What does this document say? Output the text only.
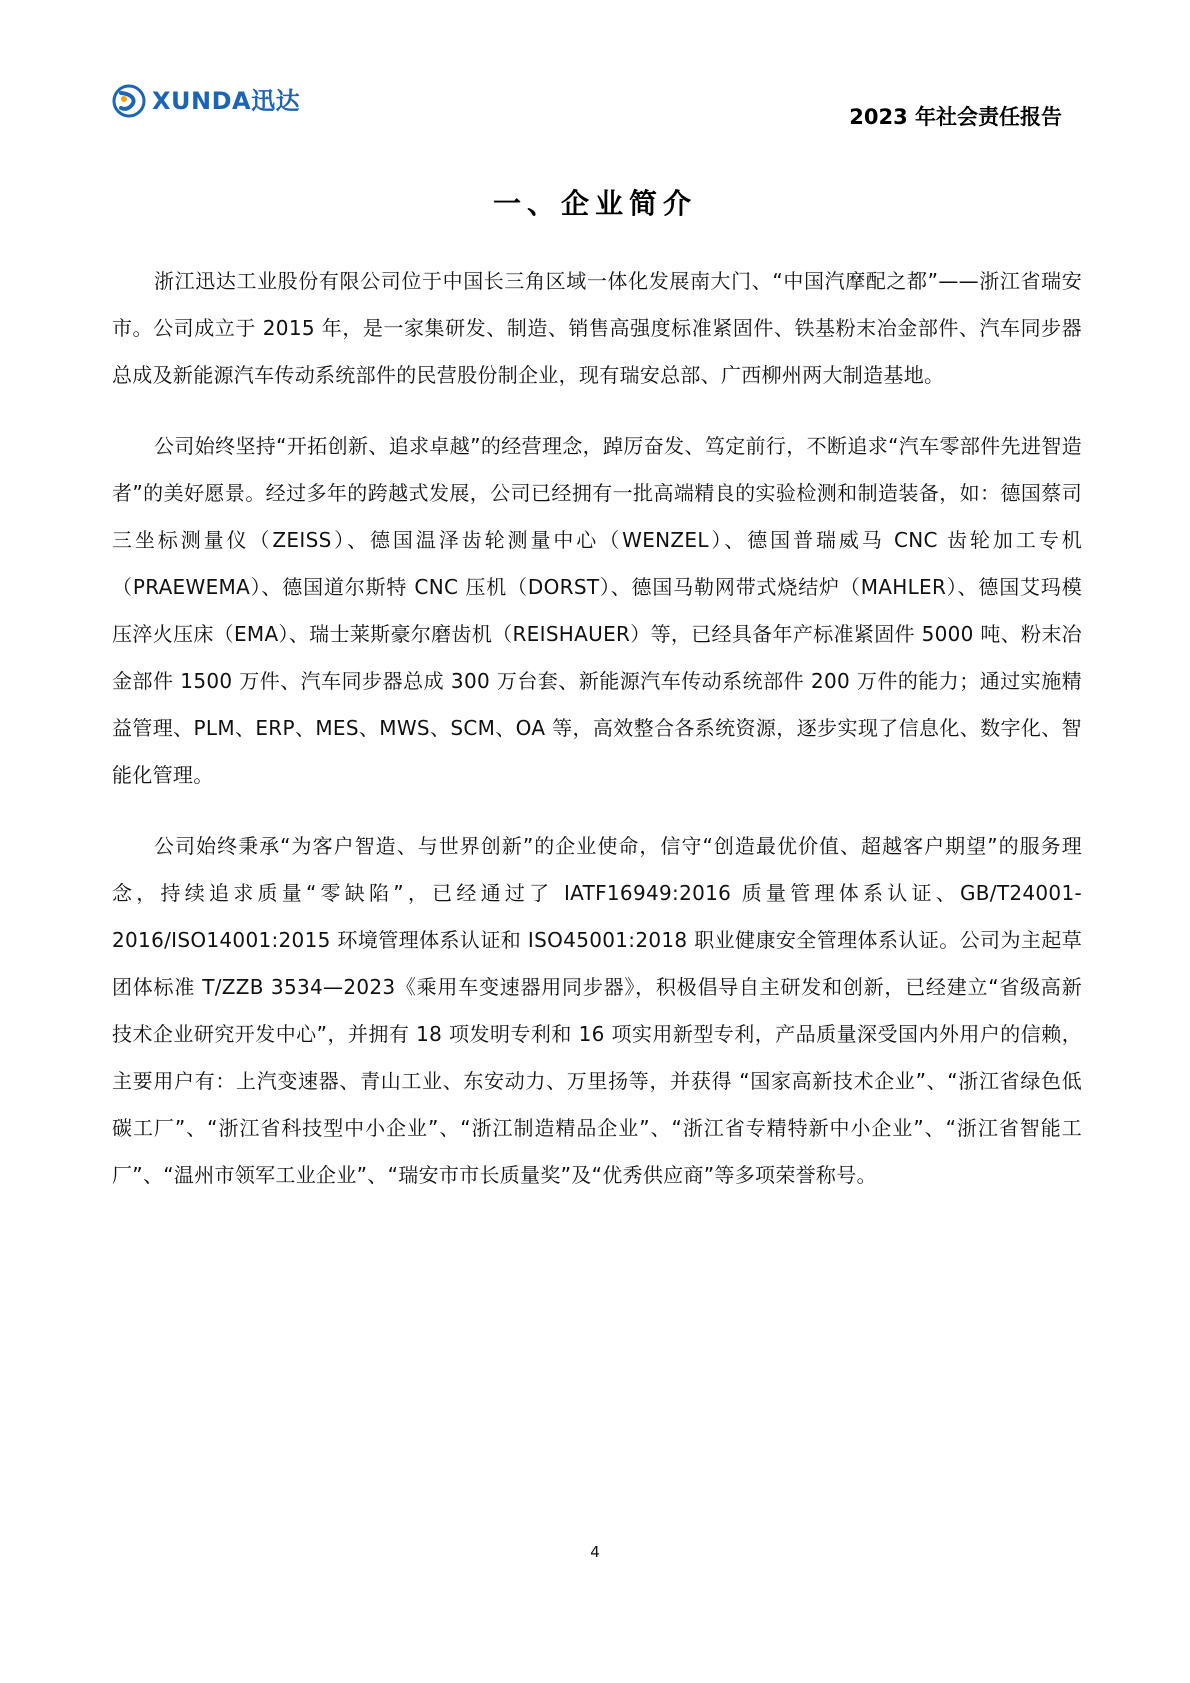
XUNDA迅达
2023 年社会责任报告
一、企业简介

浙江迅达工业股份有限公司位于中国长三角区域一体化发展南大门、“中国汽摩配之都”——浙江省瑞安市。公司成立于 2015 年，是一家集研发、制造、销售高强度标准紧固件、铁基粉末冶金部件、汽车同步器总成及新能源汽车传动系统部件的民营股份制企业，现有瑞安总部、广西柳州两大制造基地。

公司始终坚持“开拓创新、追求卓越”的经营理念，踔厉奋发、笃定前行，不断追求“汽车零部件先进智造者”的美好愿景。经过多年的跨越式发展，公司已经拥有一批高端精良的实验检测和制造装备，如：德国蔡司三坐标测量仪（ZEISS）、德国温泽齿轮测量中心（WENZEL）、德国普瑞威马 CNC 齿轮加工专机（PRAEWEMA）、德国道尔斯特 CNC 压机（DORST）、德国马勒网带式烧结炉（MAHLER）、德国艾玛模压淬火压床（EMA）、瑞士莱斯豪尔磨齿机（REISHAUER）等，已经具备年产标准紧固件 5000 吨、粉末冶金部件 1500 万件、汽车同步器总成 300 万台套、新能源汽车传动系统部件 200 万件的能力；通过实施精益管理、PLM、ERP、MES、MWS、SCM、OA 等，高效整合各系统资源，逐步实现了信息化、数字化、智能化管理。

公司始终秉承“为客户智造、与世界创新”的企业使命，信守“创造最优价值、超越客户期望”的服务理念，持续追求质量“零缺陷”，已经通过了 IATF16949:2016 质量管理体系认证、GB/T24001-2016/ISO14001:2015 环境管理体系认证和 ISO45001:2018 职业健康安全管理体系认证。公司为主起草团体标准 T/ZZB 3534—2023《乘用车变速器用同步器》，积极倡导自主研发和创新，已经建立“省级高新技术企业研究开发中心”，并拥有 18 项发明专利和 16 项实用新型专利，产品质量深受国内外用户的信赖，主要用户有：上汽变速器、青山工业、东安动力、万里扬等，并获得 “国家高新技术企业”、“浙江省绿色低碳工厂”、“浙江省科技型中小企业”、“浙江制造精品企业”、“浙江省专精特新中小企业”、“浙江省智能工厂”、“温州市领军工业企业”、“瑞安市市长质量奖”及“优秀供应商”等多项荣誉称号。

4
